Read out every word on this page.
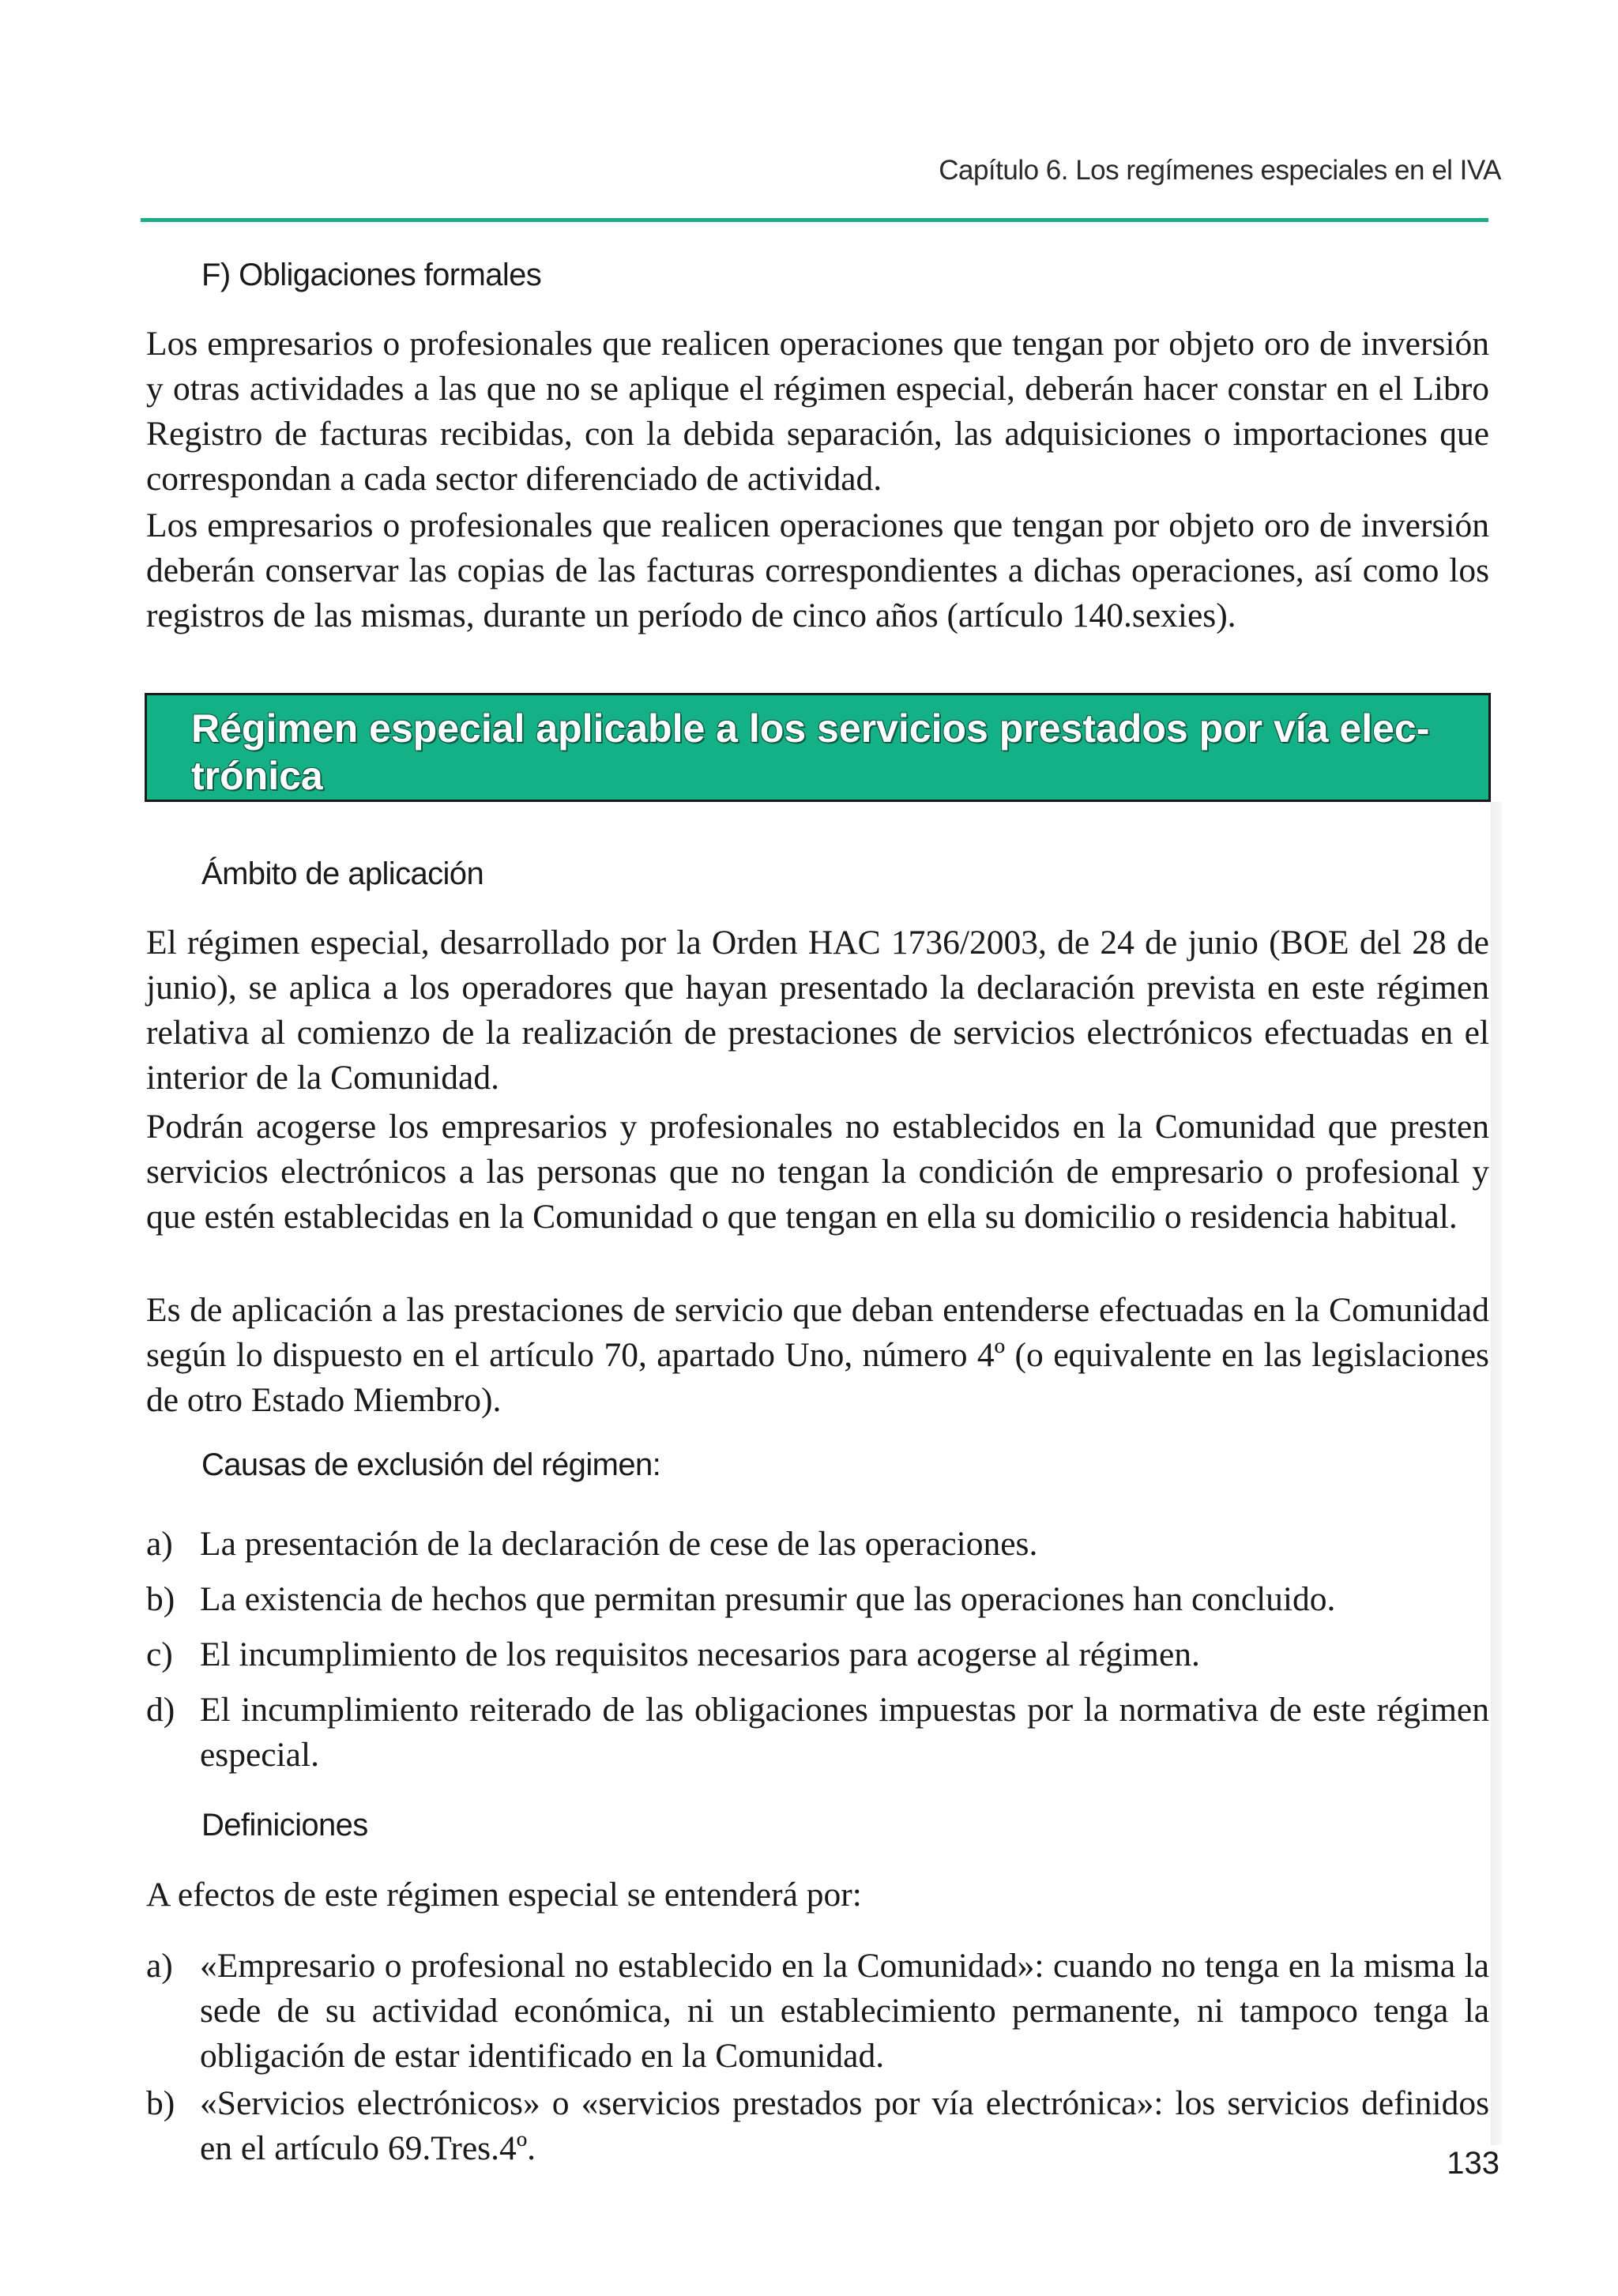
Capítulo 6. Los regímenes especiales en el IVA
F) Obligaciones formales

Los empresarios o profesionales que realicen operaciones que tengan por objeto oro de inversión y otras actividades a las que no se aplique el régimen especial, deberán hacer constar en el Libro Registro de facturas recibidas, con la debida separación, las adquisiciones o importaciones que correspondan a cada sector diferenciado de actividad.

Los empresarios o profesionales que realicen operaciones que tengan por objeto oro de inversión deberán conservar las copias de las facturas correspondientes a dichas operaciones, así como los registros de las mismas, durante un período de cinco años (artículo 140.sexies).

Régimen especial aplicable a los servicios prestados por vía elec-
trónica
Ámbito de aplicación

El régimen especial, desarrollado por la Orden HAC 1736/2003, de 24 de junio (BOE del 28 de junio), se aplica a los operadores que hayan presentado la declaración prevista en este régimen relativa al comienzo de la realización de prestaciones de servicios electrónicos efectuadas en el interior de la Comunidad.

Podrán acogerse los empresarios y profesionales no establecidos en la Comunidad que presten servicios electrónicos a las personas que no tengan la condición de empresario o profesional y que estén establecidas en la Comunidad o que tengan en ella su domicilio o residencia habitual.

Es de aplicación a las prestaciones de servicio que deban entenderse efectuadas en la Comunidad según lo dispuesto en el artículo 70, apartado Uno, número 4º (o equivalente en las legislaciones de otro Estado Miembro).

Causas de exclusión del régimen:
a) La presentación de la declaración de cese de las operaciones.
b) La existencia de hechos que permitan presumir que las operaciones han concluido.
c) El incumplimiento de los requisitos necesarios para acogerse al régimen.
d) El incumplimiento reiterado de las obligaciones impuestas por la normativa de este régimen especial.
Definiciones

A efectos de este régimen especial se entenderá por:

a) «Empresario o profesional no establecido en la Comunidad»: cuando no tenga en la misma la sede de su actividad económica, ni un establecimiento permanente, ni tampoco tenga la obligación de estar identificado en la Comunidad.
b) «Servicios electrónicos» o «servicios prestados por vía electrónica»: los servicios definidos en el artículo 69.Tres.4º.	133
